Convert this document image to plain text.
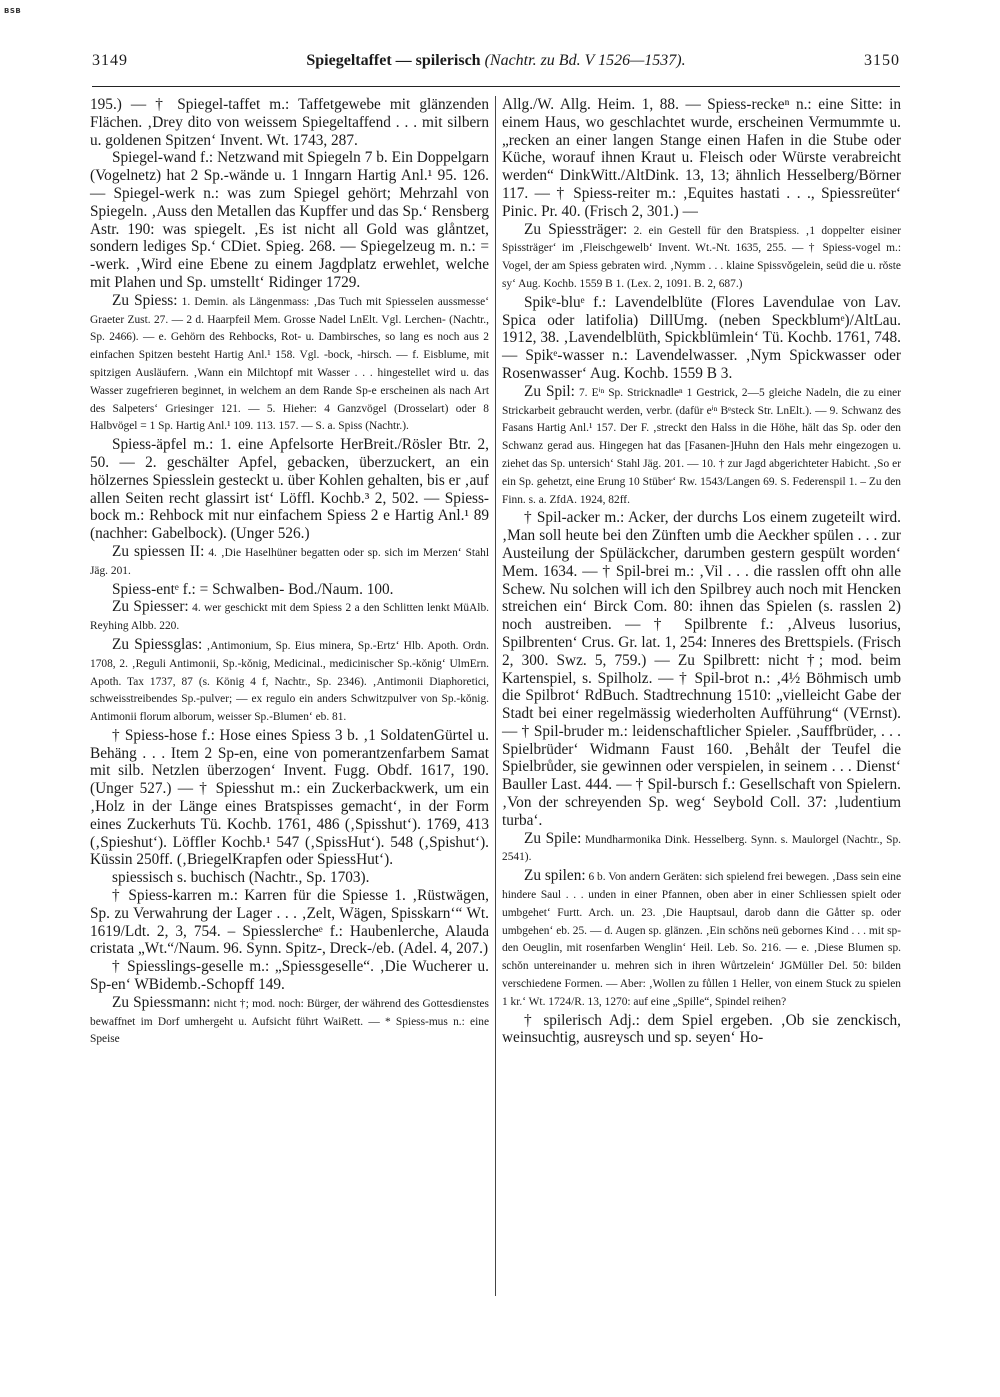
BSB
3149	Spiegeltaffet — spilerisch (Nachtr. zu Bd. V 1526—1537).	3150

195.) — † Spiegel-taffet m.: Taffetgewebe mit glänzenden Flächen. ‚Drey dito von weissem Spiegeltaffend . . . mit silbern u. goldenen Spitzen‘ Invent. Wt. 1743, 287.

Spiegel-wand f.: Netzwand mit Spiegeln 7 b. Ein Doppelgarn (Vogelnetz) hat 2 Sp.-wände u. 1 Inngarn Hartig Anl.¹ 95. 126. — Spiegel-werk n.: was zum Spiegel gehört; Mehrzahl von Spiegeln. ‚Auss den Metallen das Kupffer und das Sp.‘ Rensberg Astr. 190: was spiegelt. ‚Es ist nicht all Gold was glåntzet, sondern lediges Sp.‘ CDiet. Spieg. 268. — Spiegelzeug m. n.: = -werk. ‚Wird eine Ebene zu einem Jagdplatz erwehlet, welche mit Plahen und Sp. umstellt‘ Ridinger 1729.

Zu Spiess: 1. Demin. als Längenmass: ‚Das Tuch mit Spiesselen aussmesse‘ Graeter Zust. 27. — 2 d. Haarpfeil Mem. Grosse Nadel LnElt. Vgl. Lerchen- (Nachtr., Sp. 2466). — e. Gehörn des Rehbocks, Rot- u. Dambirsches, so lang es noch aus 2 einfachen Spitzen besteht Hartig Anl.¹ 158. Vgl. -bock, -hirsch. — f. Eisblume, mit spitzigen Ausläufern. ‚Wann ein Milchtopf mit Wasser . . . hingestellet wird u. das Wasser zugefrieren beginnet, in welchem an dem Rande Sp-e erscheinen als nach Art des Salpeters‘ Griesinger 121. — 5. Hieher: 4 Ganzvögel (Drosselart) oder 8 Halbvögel = 1 Sp. Hartig Anl.¹ 109. 113. 157. — S. a. Spiss (Nachtr.).

Spiess-äpfel m.: 1. eine Apfelsorte HerBreit./Rösler Btr. 2, 50. — 2. geschälter Apfel, gebacken, überzuckert, an ein hölzernes Spiesslein gesteckt u. über Kohlen gehalten, bis er ‚auf allen Seiten recht glassirt ist‘ Löffl. Kochb.³ 2, 502. — Spiess-bock m.: Rehbock mit nur einfachem Spiess 2 e Hartig Anl.¹ 89 (nachher: Gabelbock). (Unger 526.)

Zu spiessen II: 4. ‚Die Haselhüner begatten oder sp. sich im Merzen‘ Stahl Jäg. 201.

Spiess-entᵉ f.: = Schwalben- Bod./Naum. 100.

Zu Spiesser: 4. wer geschickt mit dem Spiess 2 a den Schlitten lenkt MüAlb. Reyhing Albb. 220.

Zu Spiessglas: ‚Antimonium, Sp. Eius minera, Sp.-Ertz‘ Hlb. Apoth. Ordn. 1708, 2. ‚Reguli Antimonii, Sp.-kǒnig, Medicinal., medicinischer Sp.-kǒnig‘ UlmErn. Apoth. Tax 1737, 87 (s. König 4 f, Nachtr., Sp. 2346). ‚Antimonii Diaphoretici, schweisstreibendes Sp.-pulver; — ex regulo ein anders Schwitzpulver von Sp.-kǒnig. Antimonii florum alborum, weisser Sp.-Blumen‘ eb. 81.

† Spiess-hose f.: Hose eines Spiess 3 b. ‚1 SoldatenGürtel u. Behäng . . . Item 2 Sp-en, eine von pomerantzenfarbem Samat mit silb. Netzlen überzogen‘ Invent. Fugg. Obdf. 1617, 190. (Unger 527.) — † Spiesshut m.: ein Zuckerbackwerk, um ein ‚Holz in der Länge eines Bratspisses gemacht‘, in der Form eines Zuckerhuts Tü. Kochb. 1761, 486 (‚Spisshut‘). 1769, 413 (‚Spieshut‘). Löffler Kochb.¹ 547 (‚SpissHut‘). 548 (‚Spishut‘). Küssin 250ff. (‚BriegelKrapfen oder SpiessHut‘).

spiessisch s. buchisch (Nachtr., Sp. 1703).

† Spiess-karren m.: Karren für die Spiesse 1. ‚Rüstwägen, Sp. zu Verwahrung der Lager . . . ‚Zelt, Wägen, Spisskarn‘“ Wt. 1619/Ldt. 2, 3, 754. – Spiesslercheᵉ f.: Haubenlerche, Alauda cristata „Wt.“/Naum. 96. Synn. Spitz-, Dreck-/eb. (Adel. 4, 207.)

† Spiesslings-geselle m.: „Spiessgeselle“. ‚Die Wucherer u. Sp-en‘ WBidemb.-Schopff 149.

Zu Spiessmann: nicht †; mod. noch: Bürger, der während des Gottesdienstes bewaffnet im Dorf umhergeht u. Aufsicht führt WaiRett. — * Spiess-mus n.: eine Speise

Allg./W. Allg. Heim. 1, 88. — Spiess-reckeⁿ n.: eine Sitte: in einem Haus, wo geschlachtet wurde, erscheinen Vermummte u. „recken an einer langen Stange einen Hafen in die Stube oder Küche, worauf ihnen Kraut u. Fleisch oder Würste verabreicht werden“ DinkWitt./AltDink. 13, 13; ähnlich Hesselberg/Börner 117. — † Spiess-reiter m.: ‚Equites hastati . . ., Spiessreüter‘ Pinic. Pr. 40. (Frisch 2, 301.) —

Zu Spiessträger: 2. ein Gestell für den Bratspiess. ‚1 doppelter eisiner Spissträger‘ im ‚Fleischgewelb‘ Invent. Wt.-Nt. 1635, 255. — † Spiess-vogel m.: Vogel, der am Spiess gebraten wird. ‚Nymm . . . klaine Spissvǒgelein, seüd die u. rǒste sy‘ Aug. Kochb. 1559 B 1. (Lex. 2, 1091. B. 2, 687.)

Spikᵉ-bluᵉ f.: Lavendelblüte (Flores Lavendulae von Lav. Spica oder latifolia) DillUmg. (neben Speckblumᵉ)/AltLau. 1912, 38. ‚Lavendelblüth, Spickblümlein‘ Tü. Kochb. 1761, 748. — Spikᵉ-wasser n.: Lavendelwasser. ‚Nym Spickwasser oder Rosenwasser‘ Aug. Kochb. 1559 B 3.

Zu Spil: 7. Eⁱⁿ Sp. Stricknadleⁿ 1 Gestrick, 2—5 gleiche Nadeln, die zu einer Strickarbeit gebraucht werden, verbr. (dafür eⁱⁿ Bᵉsteck Str. LnElt.). — 9. Schwanz des Fasans Hartig Anl.¹ 157. Der F. ‚streckt den Halss in die Höhe, hält das Sp. oder den Schwanz gerad aus. Hingegen hat das [Fasanen-]Huhn den Hals mehr eingezogen u. ziehet das Sp. untersich‘ Stahl Jäg. 201. — 10. † zur Jagd abgerichteter Habicht. ‚So er ein Sp. gehetzt, eine Erung 10 Stüber‘ Rw. 1543/Langen 69. S. Federenspil 1. – Zu den Finn. s. a. ZfdA. 1924, 82ff.

† Spil-acker m.: Acker, der durchs Los einem zugeteilt wird. ‚Man soll heute bei den Zünften umb die Aeckher spülen . . . zur Austeilung der Spüläckcher, darumben gestern gespült worden‘ Mem. 1634. — † Spil-brei m.: ‚Vil . . . die rasslen offt ohn alle Schew. Nu solchen will ich den Spilbrey auch noch mit Hencken streichen ein‘ Birck Com. 80: ihnen das Spielen (s. rasslen 2) noch austreiben. — † Spilbrente f.: ‚Alveus lusorius, Spilbrenten‘ Crus. Gr. lat. 1, 254: Inneres des Brettspiels. (Frisch 2, 300. Swz. 5, 759.) — Zu Spilbrett: nicht †; mod. beim Kartenspiel, s. Spilholz. — † Spil-brot n.: ‚4½ Böhmisch umb die Spilbrot‘ RdBuch. Stadtrechnung 1510: „vielleicht Gabe der Stadt bei einer regelmässig wiederholten Aufführung“ (VErnst). — † Spil-bruder m.: leidenschaftlicher Spieler. ‚Sauffbrüder, . . . Spielbrüder‘ Widmann Faust 160. ‚Behålt der Teufel die Spielbrůder, sie gewinnen oder verspielen, in seinem . . . Dienst‘ Bauller Last. 444. — † Spil-bursch f.: Gesellschaft von Spielern. ‚Von der schreyenden Sp. weg‘ Seybold Coll. 37: ‚ludentium turba‘.

Zu Spile: Mundharmonika Dink. Hesselberg. Synn. s. Maulorgel (Nachtr., Sp. 2541).

Zu spilen: 6 b. Von andern Geräten: sich spielend frei bewegen. ‚Dass sein eine hindere Saul . . . unden in einer Pfannen, oben aber in einer Schliessen spielt oder umbgehet‘ Furtt. Arch. un. 23. ‚Die Hauptsaul, darob dann die Gåtter sp. oder umbgehen‘ eb. 25. — d. Augen sp. glänzen. ‚Ein schǒns neü gebornes Kind . . . mit sp-den Oeuglin, mit rosenfarben Wenglin‘ Heil. Leb. So. 216. — e. ‚Diese Blumen sp. schǒn untereinander u. mehren sich in ihren Wůrtzelein‘ JGMüller Del. 50: bilden verschiedene Formen. — Aber: ‚Wollen zu fůllen 1 Heller, von einem Stuck zu spielen 1 kr.‘ Wt. 1724/R. 13, 1270: auf eine „Spille“, Spindel reihen?

† spilerisch Adj.: dem Spiel ergeben. ‚Ob sie zenckisch, weinsuchtig, ausreysch und sp. seyen‘ Ho-
